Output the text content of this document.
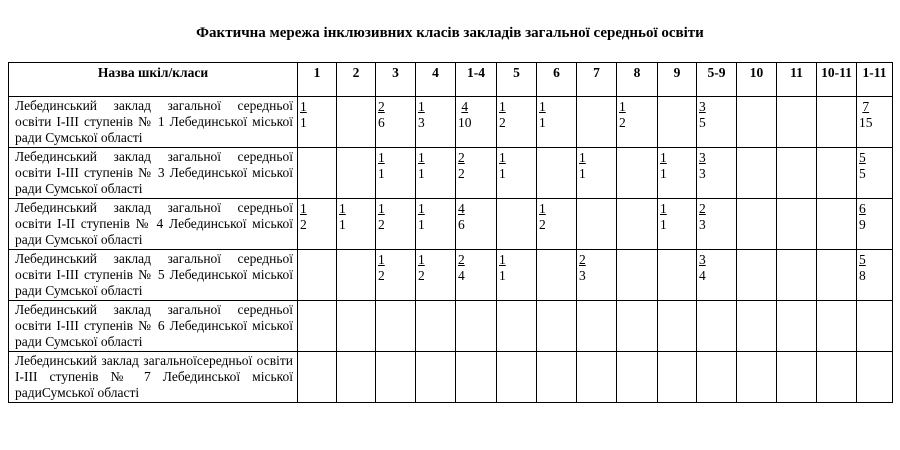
Фактична мережа інклюзивних класів закладів загальної середньої освіти
Назва шкіл/класи	1	2	3	4	1-4	5	6	7	8	9	5-9	10	11	10-11	1-11
Лебединський заклад загальної середньої освіти I-III ступенів № 1 Лебединської міської ради Сумської області	$\frac{1}{1}$		$\frac{2}{6}$	$\frac{1}{3}$	$\frac{4}{10}$	$\frac{1}{2}$	$\frac{1}{1}$		$\frac{1}{2}$		$\frac{3}{5}$				$\frac{7}{15}$

Лебединський заклад загальної середньої освіти I-III ступенів № 3 Лебединської міської ради Сумської області			$\frac{1}{1}$	$\frac{1}{1}$	$\frac{2}{2}$	$\frac{1}{1}$		$\frac{1}{1}$		$\frac{1}{1}$	$\frac{3}{3}$				$\frac{5}{5}$

Лебединський заклад загальної середньої освіти I-II ступенів № 4 Лебединської міської ради Сумської області	$\frac{1}{2}$	$\frac{1}{1}$	$\frac{1}{2}$	$\frac{1}{1}$	$\frac{4}{6}$		$\frac{1}{2}$			$\frac{1}{1}$	$\frac{2}{3}$				$\frac{6}{9}$

Лебединський заклад загальної середньої освіти I-III ступенів № 5 Лебединської міської ради Сумської області			$\frac{1}{2}$	$\frac{1}{2}$	$\frac{2}{4}$	$\frac{1}{1}$		$\frac{2}{3}$			$\frac{3}{4}$				$\frac{5}{8}$

Лебединський заклад загальної середньої освіти I-III ступенів № 6 Лебединської міської ради Сумської області															
Лебединський заклад загальноїсередньої освіти I-III ступенів № 7 Лебединської міської радиСумської області															
